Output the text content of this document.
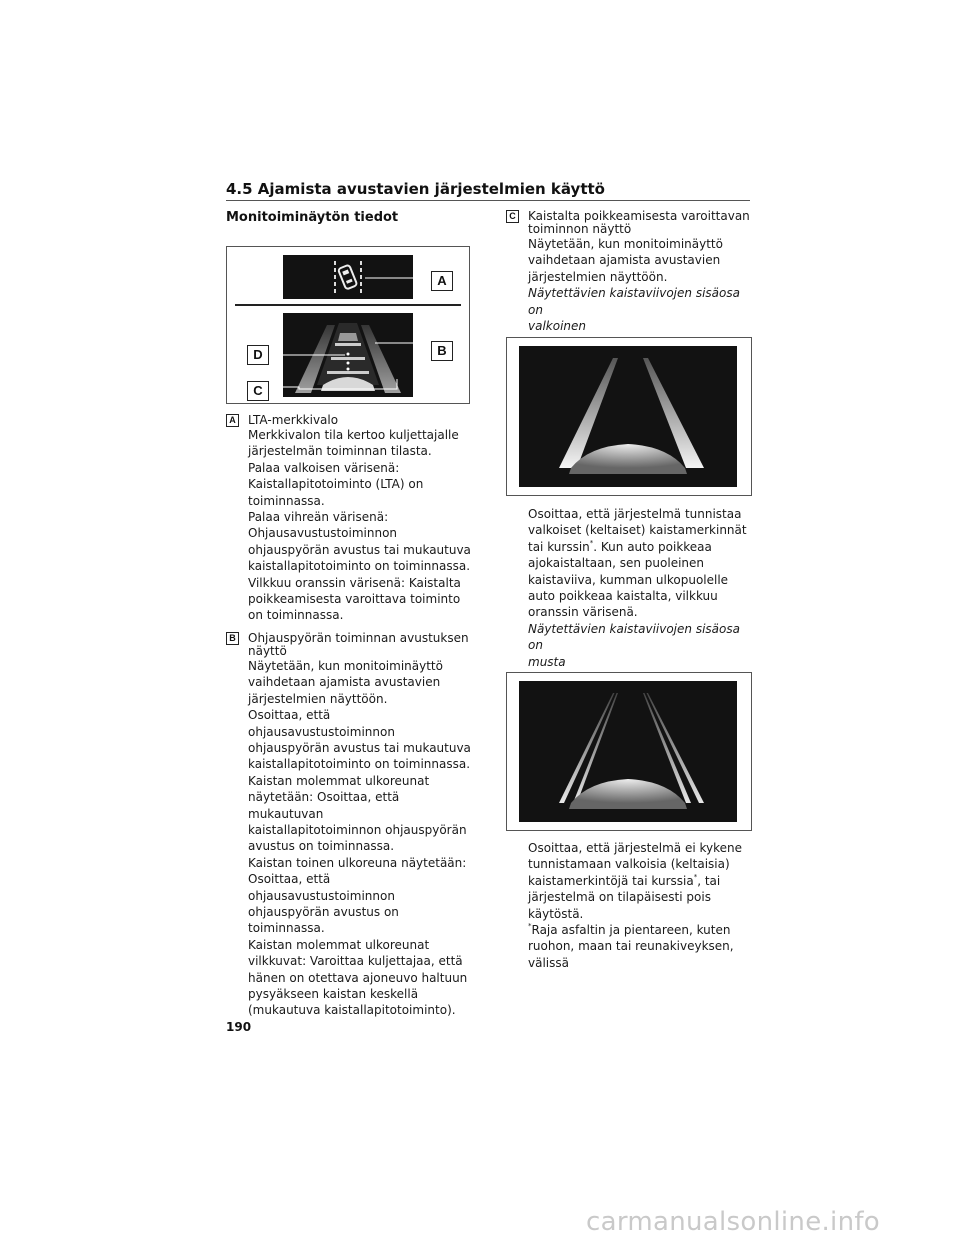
4.5 Ajamista avustavien järjestelmien käyttö
Monitoiminäytön tiedot
A
B
D
C
A LTA-merkkivalo

Merkkivalon tila kertoo kuljettajalle

järjestelmän toiminnan tilasta.

Palaa valkoisen värisenä:

Kaistallapitotoiminto (LTA) on

toiminnassa.

Palaa vihreän värisenä:

Ohjausavustustoiminnon

ohjauspyörän avustus tai mukautuva

kaistallapitotoiminto on toiminnassa.

Vilkkuu oranssin värisenä: Kaistalta

poikkeamisesta varoittava toiminto

on toiminnassa.

B Ohjauspyörän toiminnan avustuksen
näyttö

Näytetään, kun monitoiminäyttö

vaihdetaan ajamista avustavien

järjestelmien näyttöön.

Osoittaa, että

ohjausavustustoiminnon

ohjauspyörän avustus tai mukautuva

kaistallapitotoiminto on toiminnassa.

Kaistan molemmat ulkoreunat

näytetään: Osoittaa, että mukautuvan

kaistallapitotoiminnon ohjauspyörän

avustus on toiminnassa.

Kaistan toinen ulkoreuna näytetään:

Osoittaa, että

ohjausavustustoiminnon

ohjauspyörän avustus on

toiminnassa.

Kaistan molemmat ulkoreunat

vilkkuvat: Varoittaa kuljettajaa, että

hänen on otettava ajoneuvo haltuun

pysyäkseen kaistan keskellä

(mukautuva kaistallapitotoiminto).

C Kaistalta poikkeamisesta varoittavan
toiminnon näyttö

Näytetään, kun monitoiminäyttö

vaihdetaan ajamista avustavien

järjestelmien näyttöön.

Näytettävien kaistaviivojen sisäosa on

valkoinen

Osoittaa, että järjestelmä tunnistaa

valkoiset (keltaiset) kaistamerkinnät

tai kurssin*. Kun auto poikkeaa

ajokaistaltaan, sen puoleinen

kaistaviiva, kumman ulkopuolelle

auto poikkeaa kaistalta, vilkkuu

oranssin värisenä.

Näytettävien kaistaviivojen sisäosa on

musta

Osoittaa, että järjestelmä ei kykene

tunnistamaan valkoisia (keltaisia)

kaistamerkintöjä tai kurssia*, tai

järjestelmä on tilapäisesti pois

käytöstä.

*Raja asfaltin ja pientareen, kuten

ruohon, maan tai reunakiveyksen,

välissä

190
carmanualsonline.info
